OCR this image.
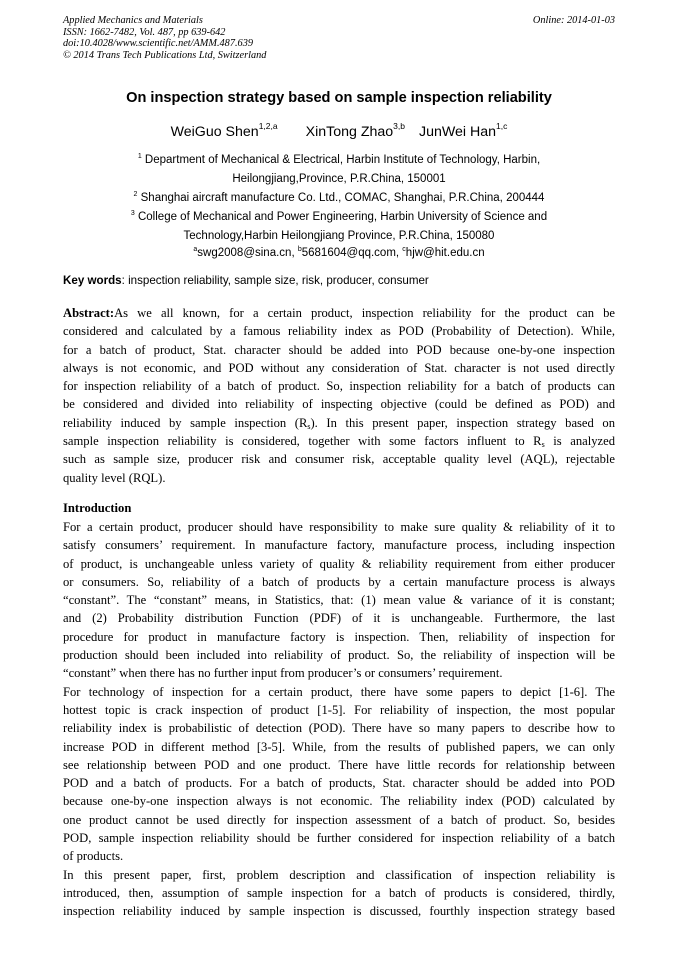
Applied Mechanics and Materials
ISSN: 1662-7482, Vol. 487, pp 639-642
doi:10.4028/www.scientific.net/AMM.487.639
© 2014 Trans Tech Publications Ltd, Switzerland
Online: 2014-01-03
On inspection strategy based on sample inspection reliability
WeiGuo Shen$^{1,2,a}$ XinTong Zhao$^{3,b}$ JunWei Han$^{1,c}$
$^1$ Department of Mechanical & Electrical, Harbin Institute of Technology, Harbin,
Heilongjiang,Province, P.R.China, 150001
$^2$ Shanghai aircraft manufacture Co. Ltd., COMAC, Shanghai, P.R.China, 200444
$^3$ College of Mechanical and Power Engineering, Harbin University of Science and
Technology,Harbin Heilongjiang Province, P.R.China, 150080
$^a$swg2008@sina.cn, $^b$5681604@qq.com, $^c$hjw@hit.edu.cn
Key words: inspection reliability, sample size, risk, producer, consumer
Abstract:As we all known, for a certain product, inspection reliability for the product can be
considered and calculated by a famous reliability index as POD (Probability of Detection). While,
for a batch of product, Stat. character should be added into POD because one-by-one inspection
always is not economic, and POD without any consideration of Stat. character is not used directly
for inspection reliability of a batch of product. So, inspection reliability for a batch of products can
be considered and divided into reliability of inspecting objective (could be defined as POD) and
reliability induced by sample inspection $(R_s)$. In this present paper, inspection strategy based on
sample inspection reliability is considered, together with some factors influent to $R_s$ is analyzed
such as sample size, producer risk and consumer risk, acceptable quality level (AQL), rejectable
quality level (RQL).
Introduction
For a certain product, producer should have responsibility to make sure quality & reliability of it to
satisfy consumers’ requirement. In manufacture factory, manufacture process, including inspection
of product, is unchangeable unless variety of quality & reliability requirement from either producer
or consumers. So, reliability of a batch of products by a certain manufacture process is always
“constant”. The “constant” means, in Statistics, that: (1) mean value & variance of it is constant;
and (2) Probability distribution Function (PDF) of it is unchangeable. Furthermore, the last
procedure for product in manufacture factory is inspection. Then, reliability of inspection for
production should been included into reliability of product. So, the reliability of inspection will be
“constant” when there has no further input from producer’s or consumers’ requirement.
For technology of inspection for a certain product, there have some papers to depict [1-6]. The
hottest topic is crack inspection of product [1-5]. For reliability of inspection, the most popular
reliability index is probabilistic of detection (POD). There have so many papers to describe how to
increase POD in different method [3-5]. While, from the results of published papers, we can only
see relationship between POD and one product. There have little records for relationship between
POD and a batch of products. For a batch of products, Stat. character should be added into POD
because one-by-one inspection always is not economic. The reliability index (POD) calculated by
one product cannot be used directly for inspection assessment of a batch of product. So, besides
POD, sample inspection reliability should be further considered for inspection reliability of a batch
of products.
In this present paper, first, problem description and classification of inspection reliability is
introduced, then, assumption of sample inspection for a batch of products is considered, thirdly,
inspection reliability induced by sample inspection is discussed, fourthly inspection strategy based
